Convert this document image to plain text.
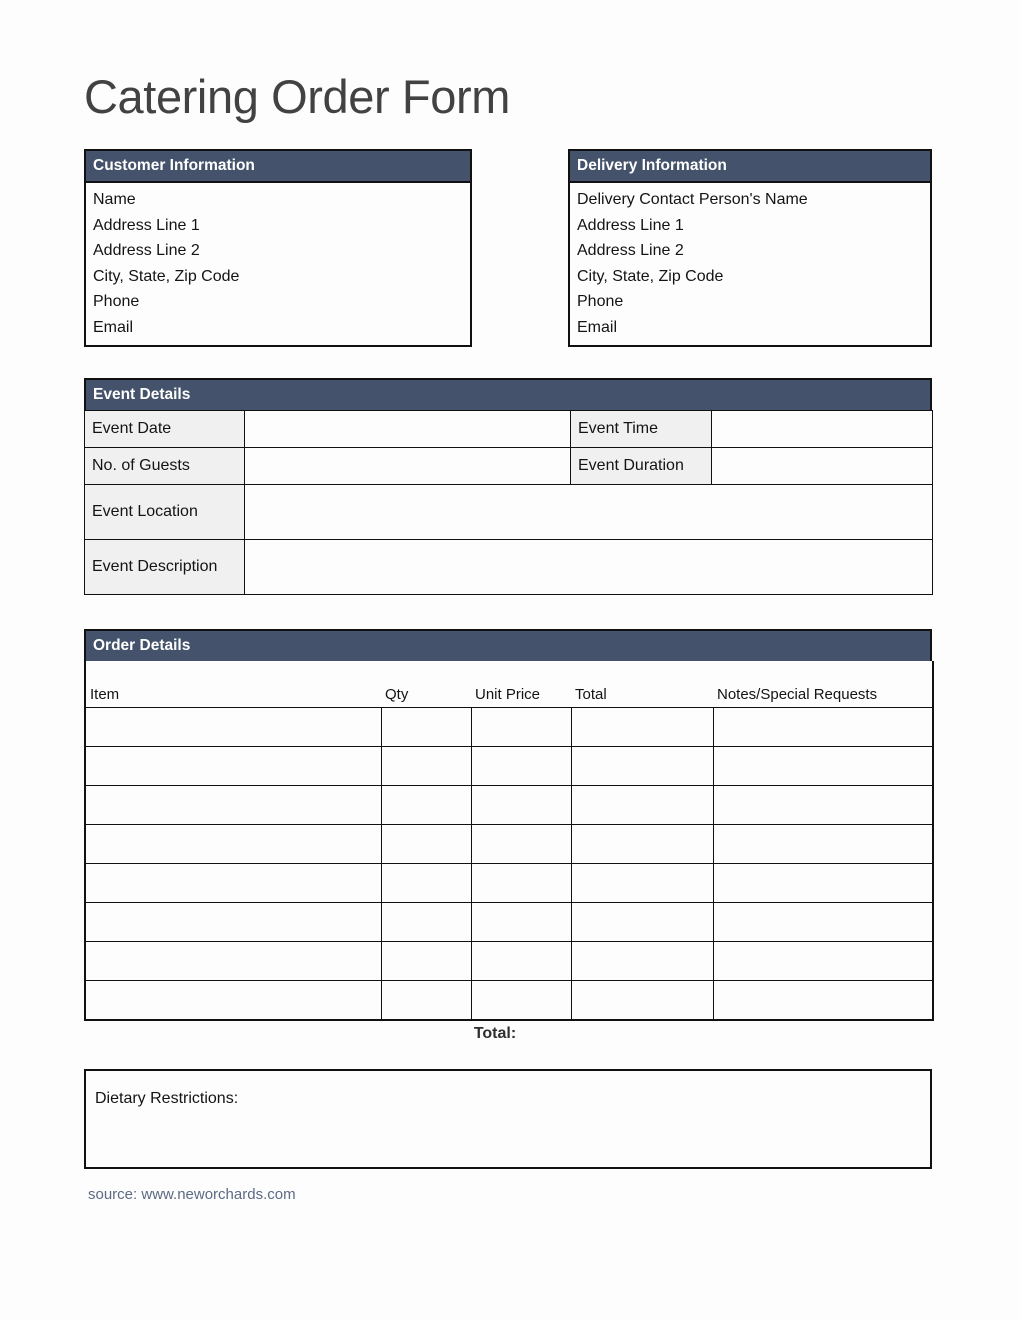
Catering Order Form
Customer Information
Name
Address Line 1
Address Line 2
City, State, Zip Code
Phone
Email
Delivery Information
Delivery Contact Person's Name
Address Line 1
Address Line 2
City, State, Zip Code
Phone
Email
Event Details
Event Date		Event Time	
No. of Guests		Event Duration	
Event Location			
Event Description			
Order Details
Item	Qty	Unit Price	Total	Notes/Special Requests

Total:
Dietary Restrictions:
source: www.neworchards.com
